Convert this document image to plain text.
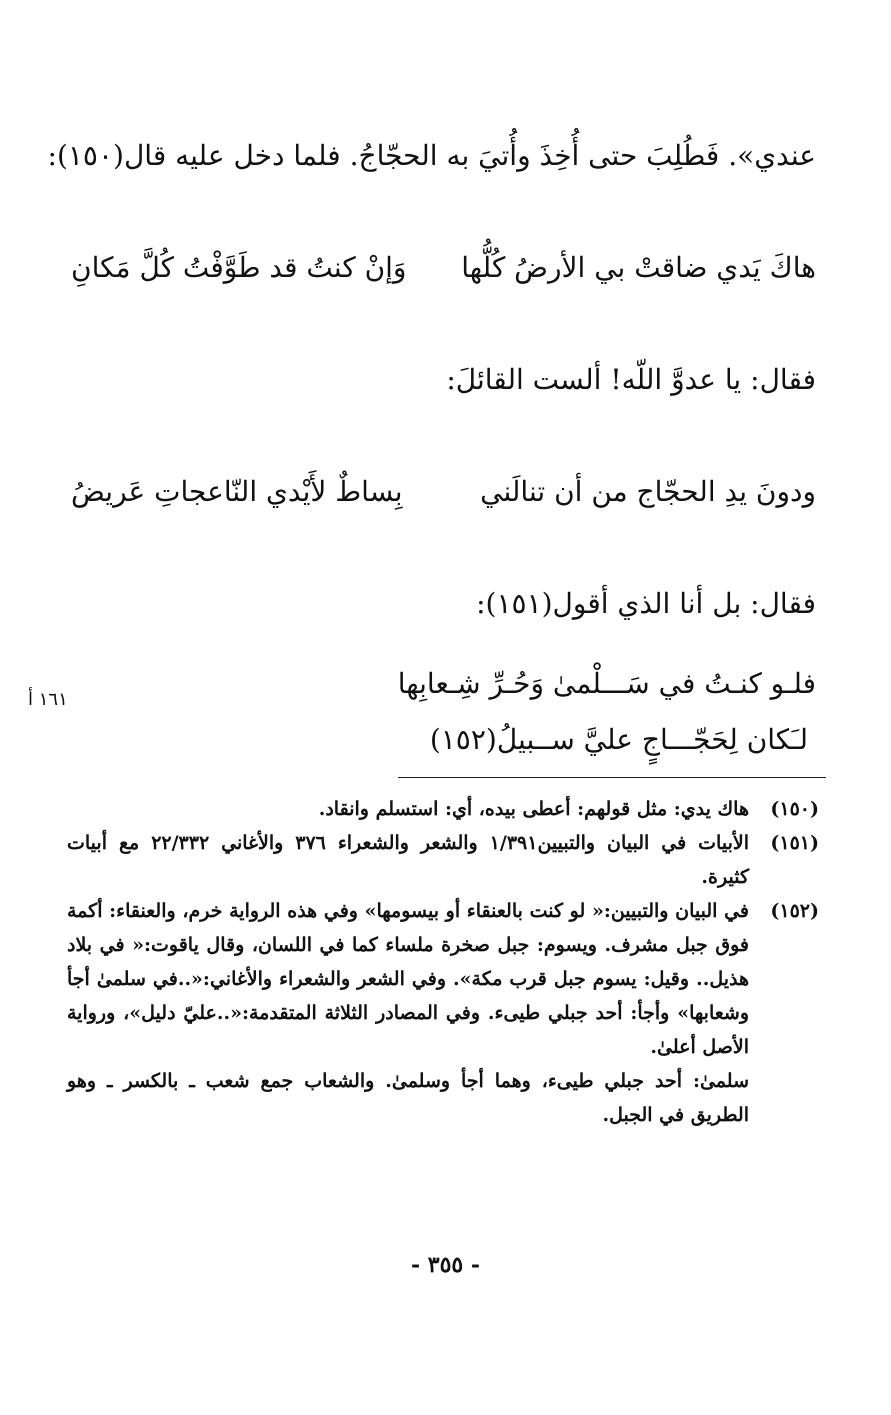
عندي». فَطُلِبَ حتى أُخِذَ وأُتيَ به الحجّاجُ. فلما دخل عليه قال(١٥٠):
هاكَ يَدي ضاقتْ بي الأرضُ كُلُّها
وَإنْ كنتُ قد طَوَّفْتُ كُلَّ مَكانِ
فقال: يا عدوَّ اللّه! ألست القائلَ:
ودونَ يدِ الحجّاج من أن تنالَني
بِساطٌ لأَيْدي النّاعجاتِ عَريضُ
فقال: بل أنا الذي أقول(١٥١):
فلـو كنـتُ في سَـــلْمىٰ وَحُـرِّ شِـعابِها
لـَكان لِحَجّـــاجٍ عليَّ ســبيلُ(١٥٢)
١٦١ أ
(١٥٠)

هاك يدي: مثل قولهم: أعطى بيده، أي: استسلم وانقاد.

(١٥١)

الأبيات في البيان والتبيين١/٣٩١ والشعر والشعراء ٣٧٦ والأغاني ٢٢/٣٣٢ مع أبيات كثيرة.

(١٥٢)

في البيان والتبيين:« لو كنت بالعنقاء أو بيسومها» وفي هذه الرواية خرم، والعنقاء: أكمة فوق جبل مشرف. ويسوم: جبل صخرة ملساء كما في اللسان، وقال ياقوت:« في بلاد هذيل.. وقيل: يسوم جبل قرب مكة». وفي الشعر والشعراء والأغاني:«..في سلمىٰ أجأ وشعابها» وأجأ: أحد جبلي طيىء. وفي المصادر الثلاثة المتقدمة:«..عليّ دليل»، ورواية الأصل أعلىٰ.

سلمىٰ: أحد جبلي طيىء، وهما أجأ وسلمىٰ. والشعاب جمع شعب ـ بالكسر ـ وهو الطريق في الجبل.

- ٣٥٥ -
